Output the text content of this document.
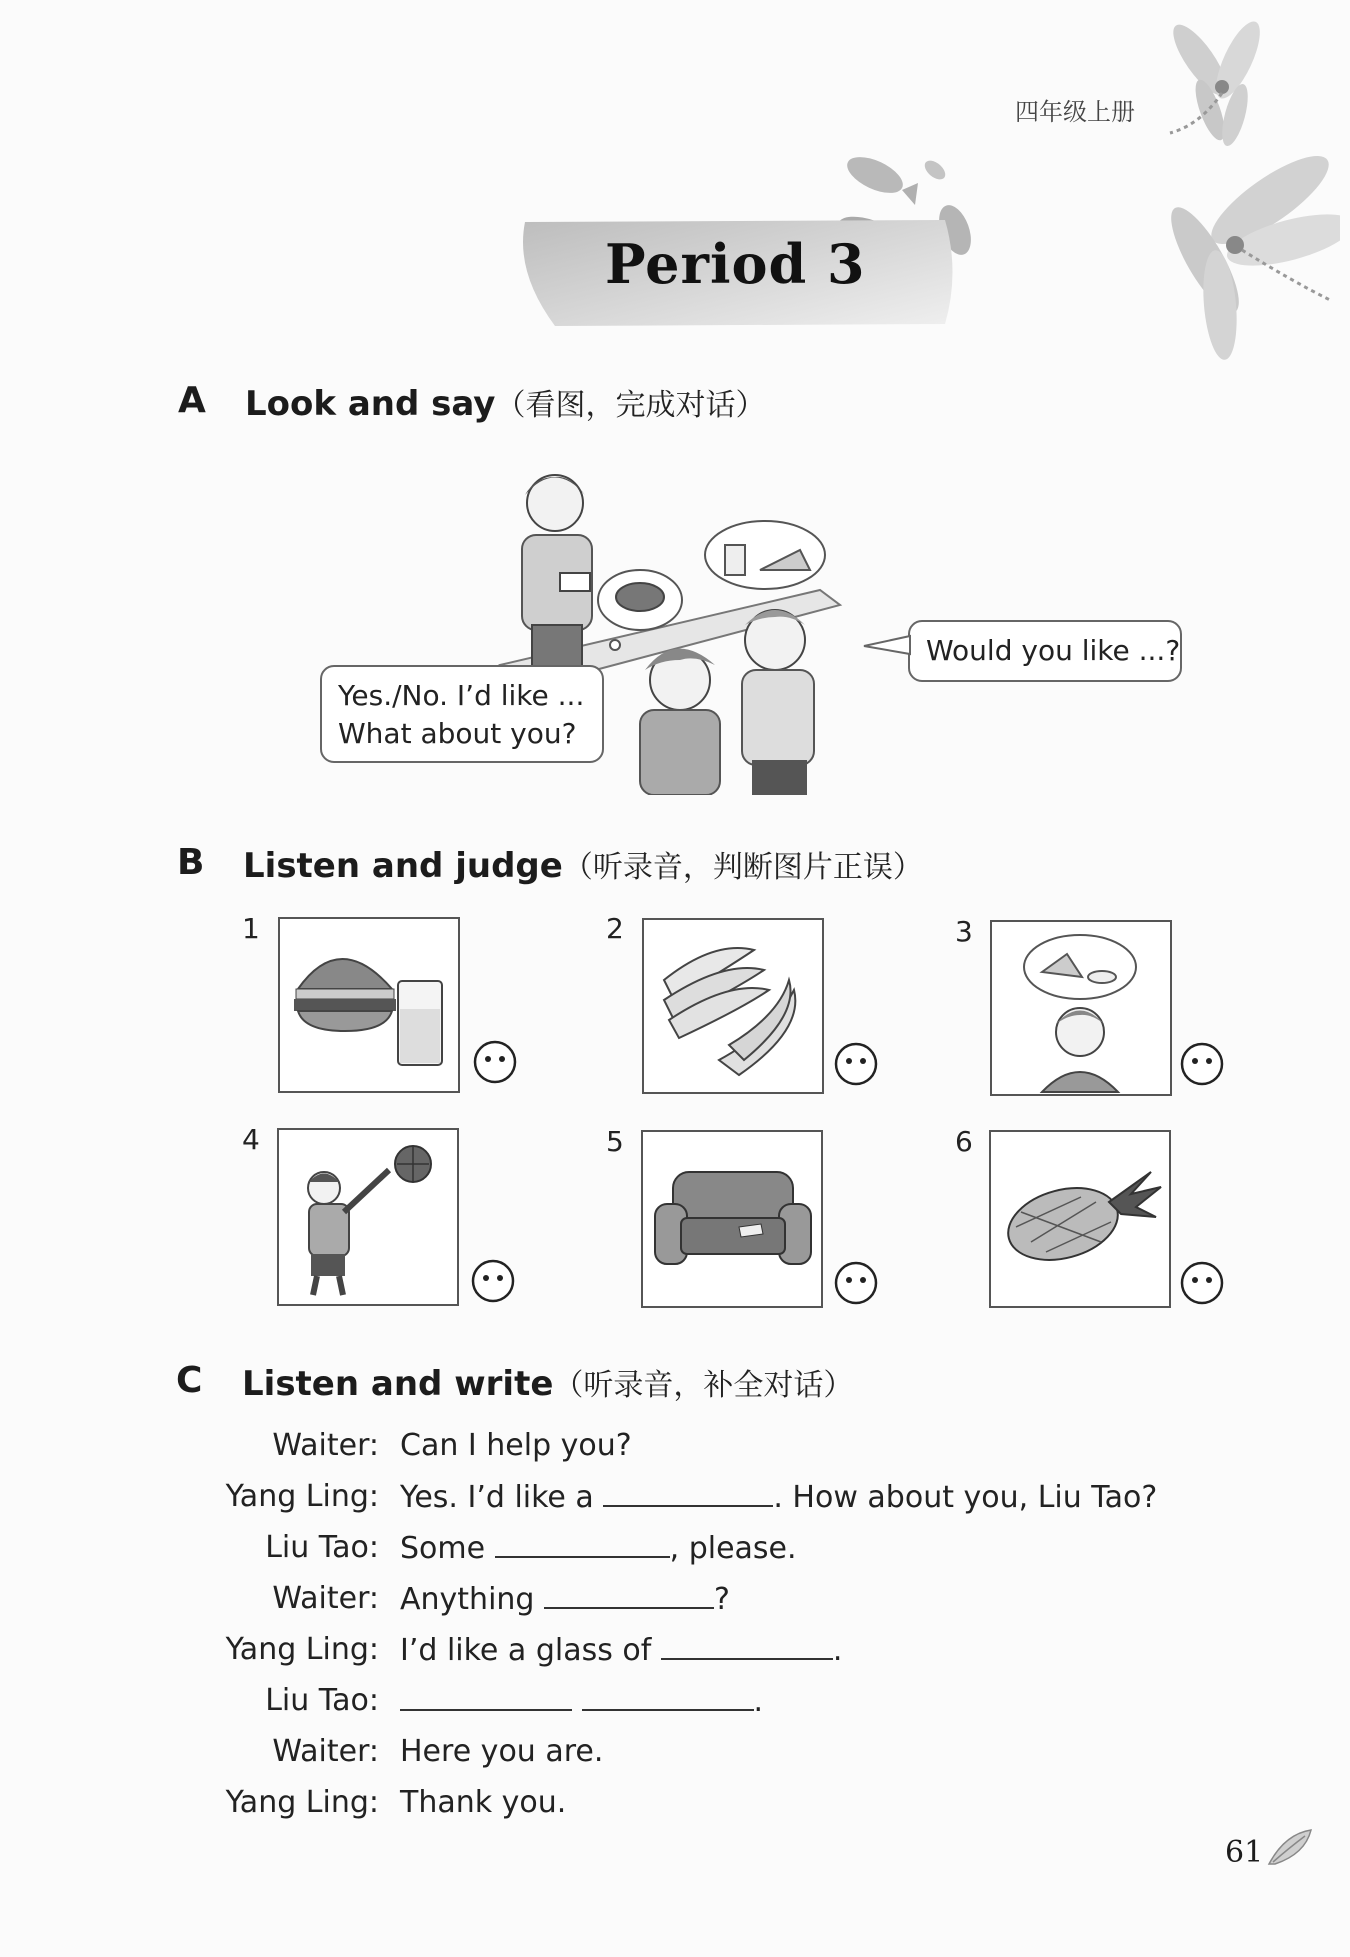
四年级上册
Period 3
A Look and say（看图，完成对话）
Would you like ...?
Yes./No. I’d like ...
What about you?
B Listen and judge（听录音，判断图片正误）
1	2	3
4	5	6
C Listen and write（听录音，补全对话）
Waiter: Can I help you?
Yang Ling: Yes. I’d like a	. How about you, Liu Tao?
Liu Tao: Some	, please.
Waiter: Anything	?
Yang Ling: I’d like a glass of	.
Liu Tao:	.
Waiter: Here you are.
Yang Ling: Thank you.
61
